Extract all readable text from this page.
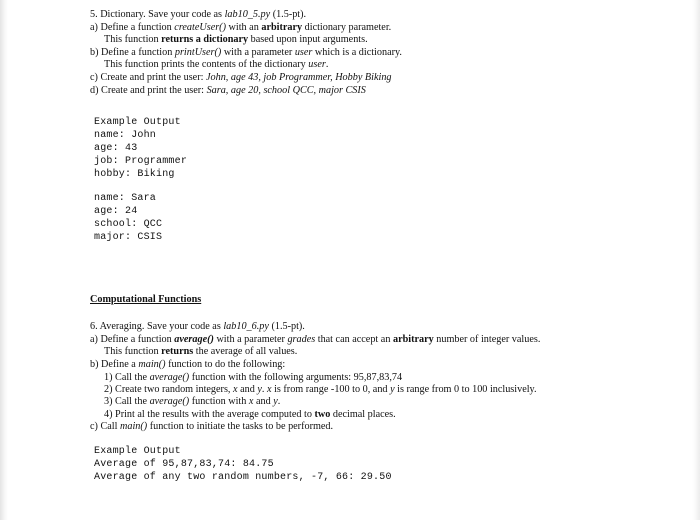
5. Dictionary. Save your code as lab10_5.py (1.5-pt).
a) Define a function createUser() with an arbitrary dictionary parameter.
This function returns a dictionary based upon input arguments.
b) Define a function printUser() with a parameter user which is a dictionary.
This function prints the contents of the dictionary user.
c) Create and print the user: John, age 43, job Programmer, Hobby Biking
d) Create and print the user: Sara, age 20, school QCC, major CSIS
Example Output
name: John
age: 43
job: Programmer
hobby: Biking
name: Sara
age: 24
school: QCC
major: CSIS
Computational Functions
6. Averaging. Save your code as lab10_6.py (1.5-pt).
a) Define a function average() with a parameter grades that can accept an arbitrary number of integer values.
This function returns the average of all values.
b) Define a main() function to do the following:
1) Call the average() function with the following arguments: 95,87,83,74
2) Create two random integers, x and y. x is from range -100 to 0, and y is range from 0 to 100 inclusively.
3) Call the average() function with x and y.
4) Print al the results with the average computed to two decimal places.
c) Call main() function to initiate the tasks to be performed.
Example Output
Average of 95,87,83,74: 84.75
Average of any two random numbers, -7, 66: 29.50
